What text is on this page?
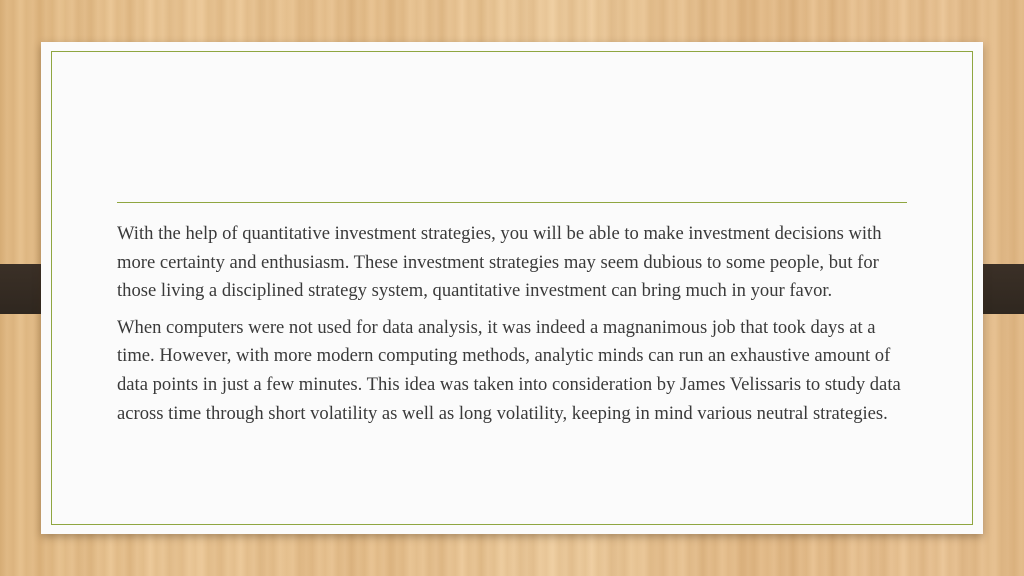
With the help of quantitative investment strategies, you will be able to make investment decisions with more certainty and enthusiasm. These investment strategies may seem dubious to some people, but for those living a disciplined strategy system, quantitative investment can bring much in your favor.

When computers were not used for data analysis, it was indeed a magnanimous job that took days at a time. However, with more modern computing methods, analytic minds can run an exhaustive amount of data points in just a few minutes. This idea was taken into consideration by James Velissaris to study data across time through short volatility as well as long volatility, keeping in mind various neutral strategies.
